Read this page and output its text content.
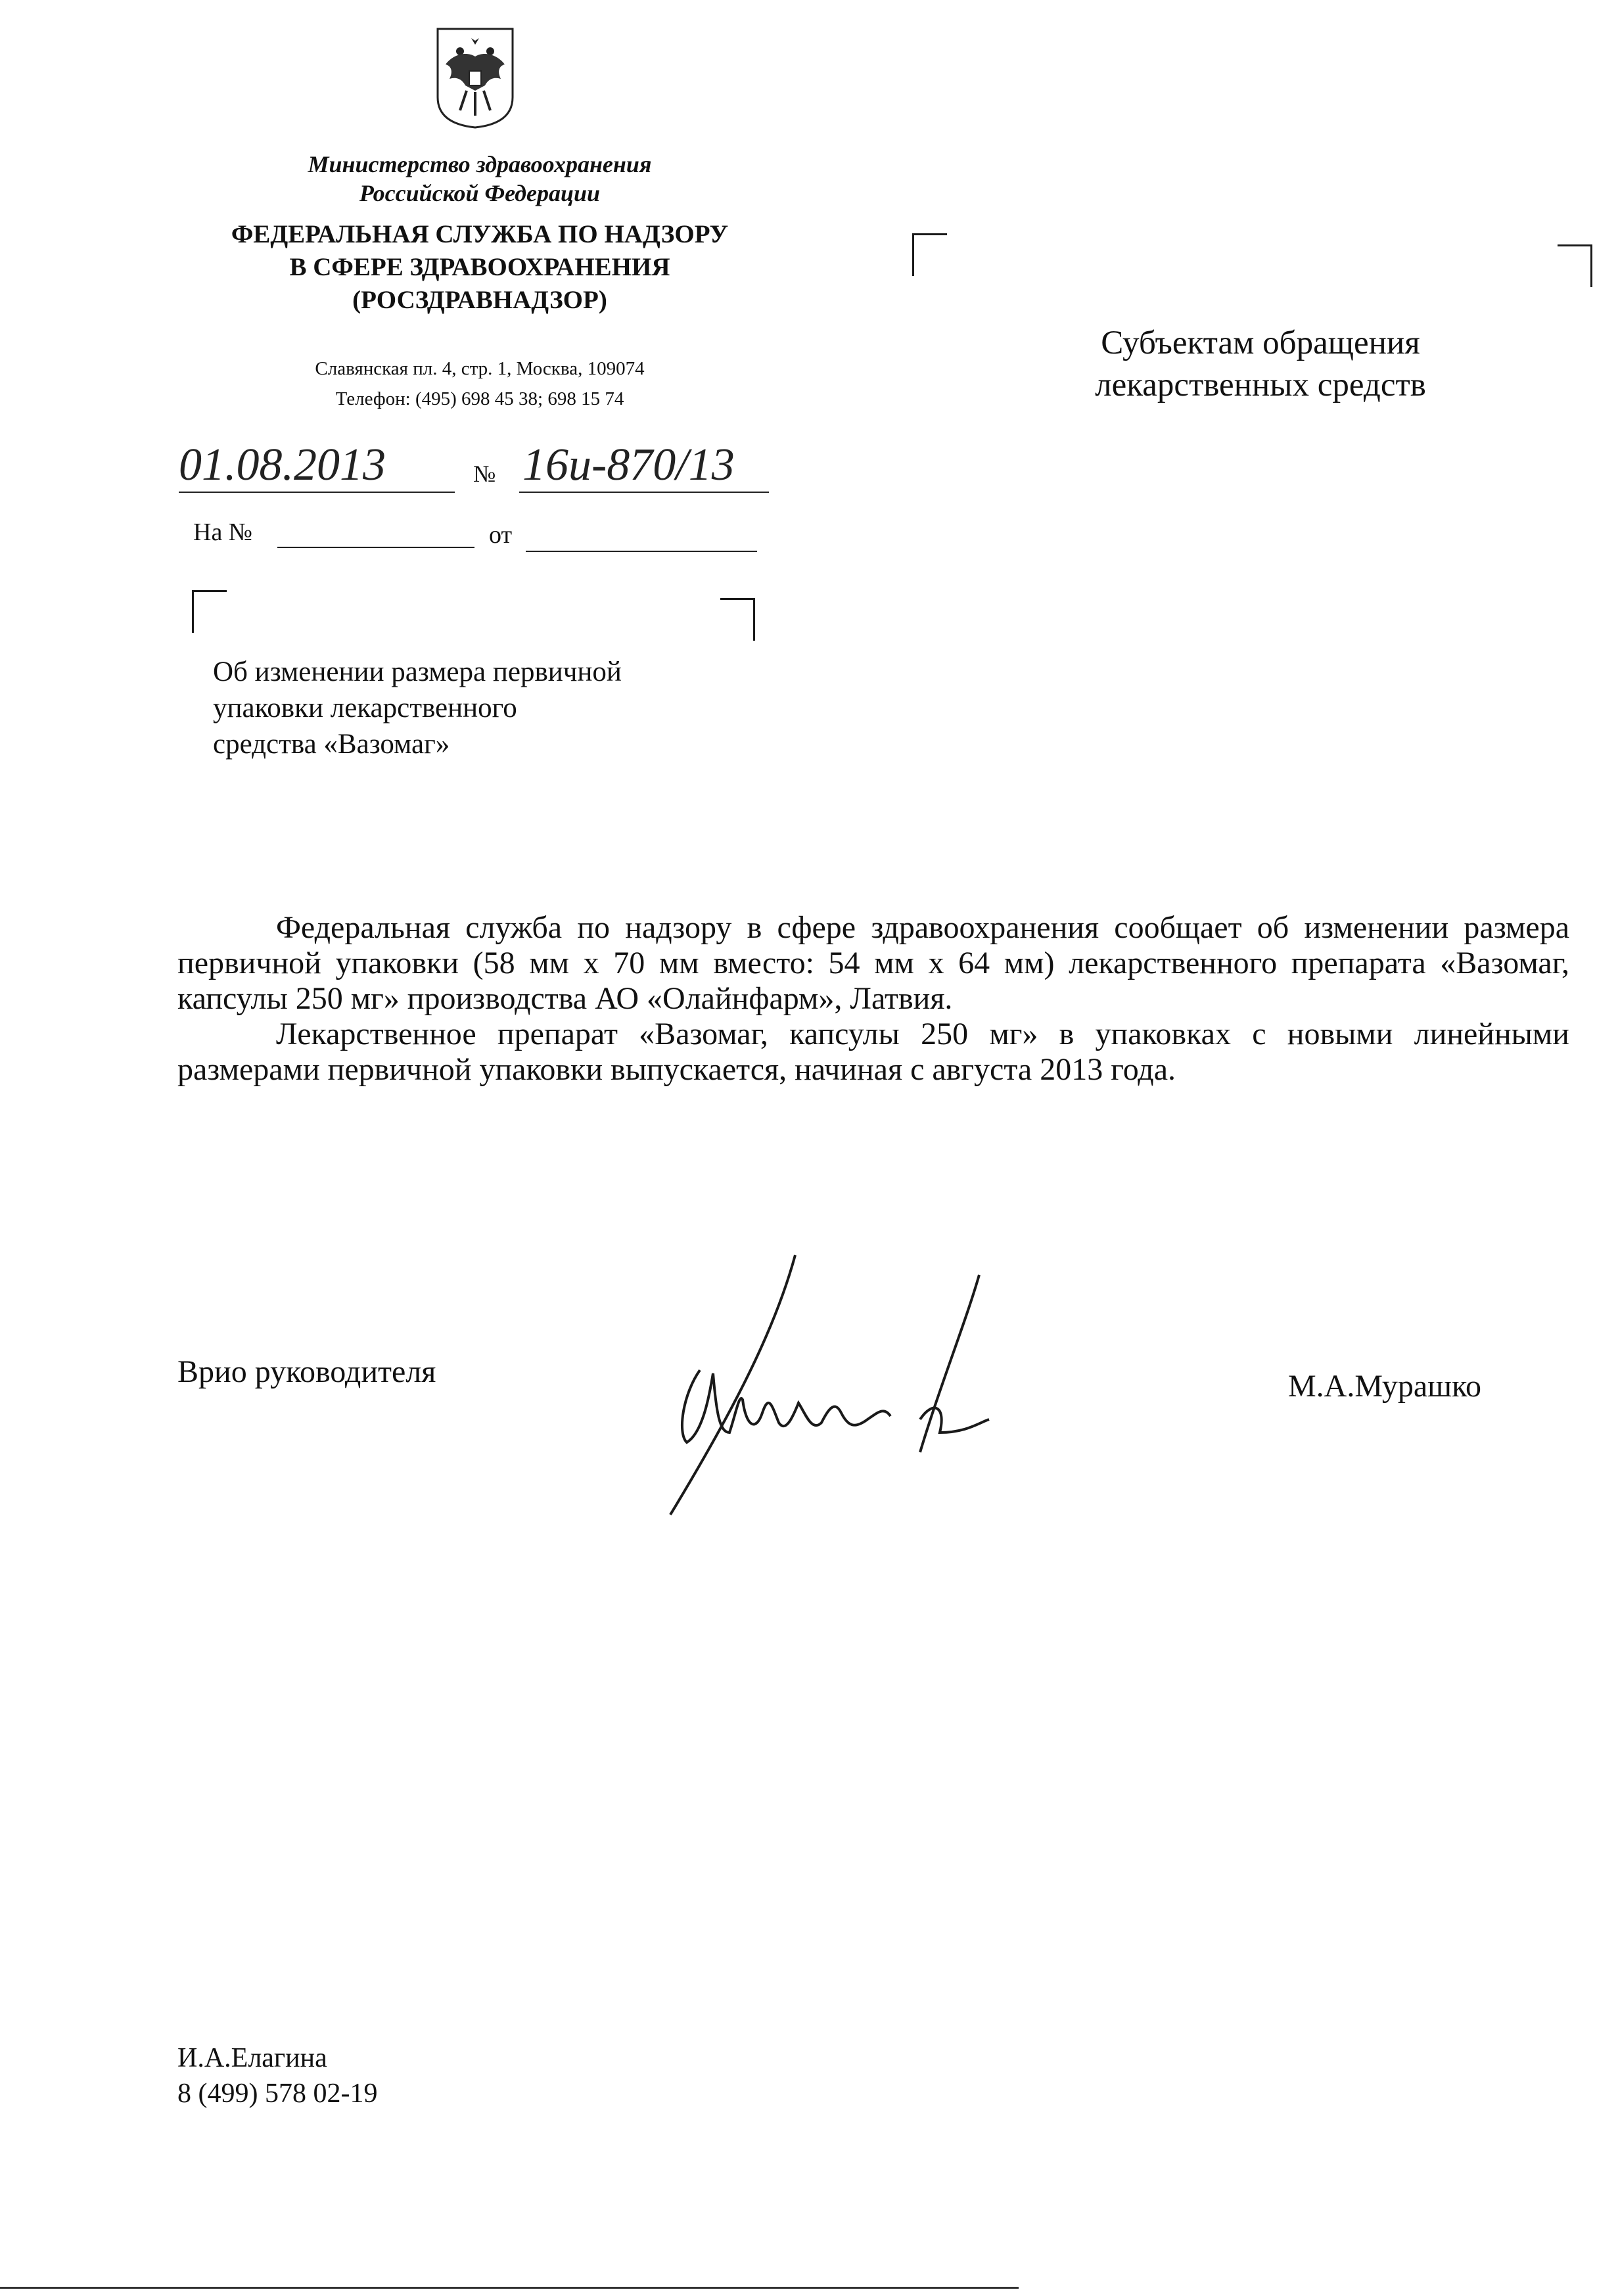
Министерство здравоохранения
Российской Федерации
ФЕДЕРАЛЬНАЯ СЛУЖБА ПО НАДЗОРУ
В СФЕРЕ ЗДРАВООХРАНЕНИЯ
(РОСЗДРАВНАДЗОР)
Славянская пл. 4, стр. 1, Москва, 109074
Телефон: (495) 698 45 38; 698 15 74
Субъектам обращения
лекарственных средств
01.08.2013	№ 16и-870/13
На №	от
Об изменении размера первичной
упаковки лекарственного
средства «Вазомаг»

Федеральная служба по надзору в сфере здравоохранения сообщает об изменении размера первичной упаковки (58 мм х 70 мм вместо: 54 мм х 64 мм) лекарственного препарата «Вазомаг, капсулы 250 мг» производства АО «Олайнфарм», Латвия.

Лекарственное препарат «Вазомаг, капсулы 250 мг» в упаковках с новыми линейными размерами первичной упаковки выпускается, начиная с августа 2013 года.

Врио руководителя	М.А.Мурашко
И.А.Елагина
8 (499) 578 02-19
